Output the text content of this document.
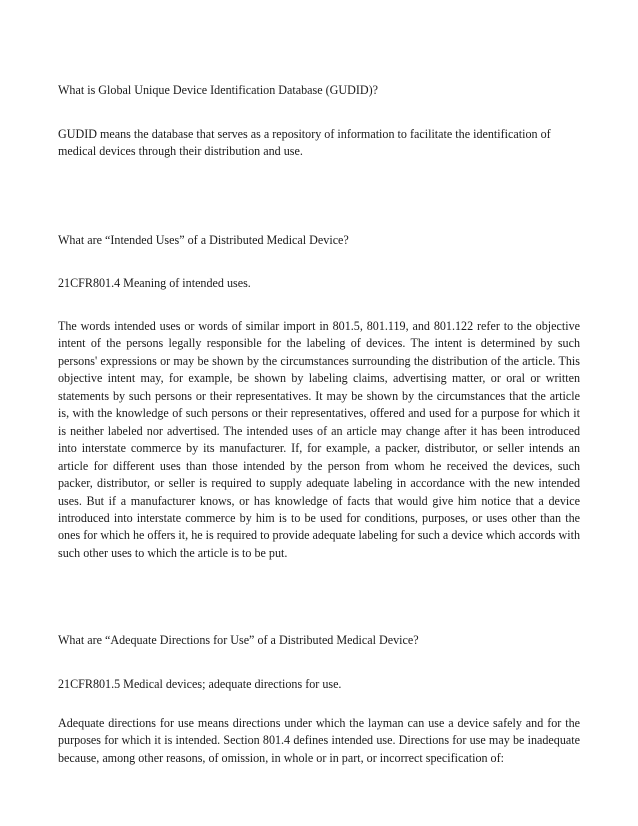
What is Global Unique Device Identification Database (GUDID)?

GUDID means the database that serves as a repository of information to facilitate the identification of medical devices through their distribution and use.

What are “Intended Uses” of a Distributed Medical Device?

21CFR801.4 Meaning of intended uses.

The words intended uses or words of similar import in 801.5, 801.119, and 801.122 refer to the objective intent of the persons legally responsible for the labeling of devices. The intent is determined by such persons' expressions or may be shown by the circumstances surrounding the distribution of the article. This objective intent may, for example, be shown by labeling claims, advertising matter, or oral or written statements by such persons or their representatives. It may be shown by the circumstances that the article is, with the knowledge of such persons or their representatives, offered and used for a purpose for which it is neither labeled nor advertised. The intended uses of an article may change after it has been introduced into interstate commerce by its manufacturer. If, for example, a packer, distributor, or seller intends an article for different uses than those intended by the person from whom he received the devices, such packer, distributor, or seller is required to supply adequate labeling in accordance with the new intended uses. But if a manufacturer knows, or has knowledge of facts that would give him notice that a device introduced into interstate commerce by him is to be used for conditions, purposes, or uses other than the ones for which he offers it, he is required to provide adequate labeling for such a device which accords with such other uses to which the article is to be put.

What are “Adequate Directions for Use” of a Distributed Medical Device?

21CFR801.5 Medical devices; adequate directions for use.

Adequate directions for use means directions under which the layman can use a device safely and for the purposes for which it is intended. Section 801.4 defines intended use. Directions for use may be inadequate because, among other reasons, of omission, in whole or in part, or incorrect specification of:
